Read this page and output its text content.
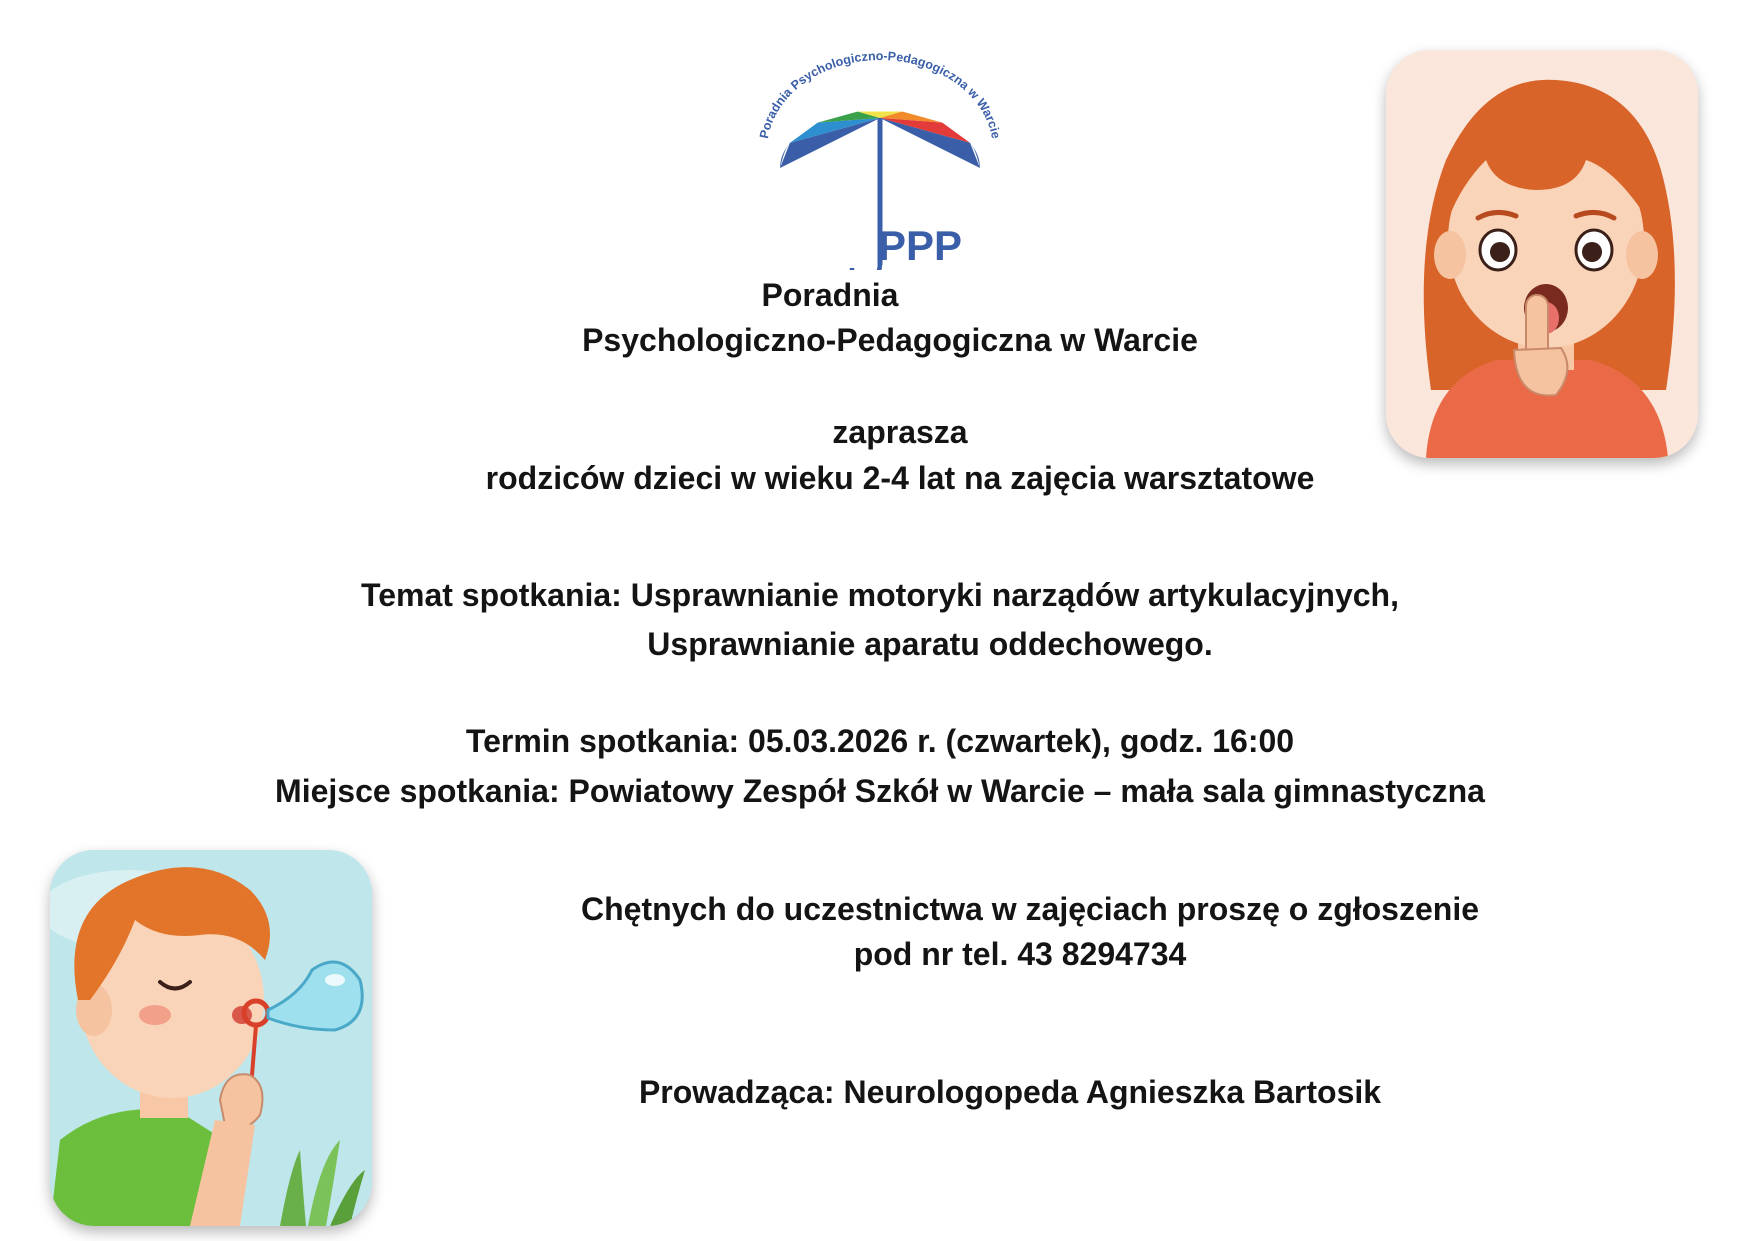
Poradnia Psychologiczno-Pedagogiczna w Warcie
PPP
Poradnia
Psychologiczno-Pedagogiczna w Warcie
zaprasza
rodziców dzieci w wieku 2-4 lat na zajęcia warsztatowe
Temat spotkania: Usprawnianie motoryki narządów artykulacyjnych,
Usprawnianie aparatu oddechowego.
Termin spotkania: 05.03.2026 r. (czwartek), godz. 16:00
Miejsce spotkania: Powiatowy Zespół Szkół w Warcie – mała sala gimnastyczna
Chętnych do uczestnictwa w zajęciach proszę o zgłoszenie
pod nr tel. 43 8294734
Prowadząca: Neurologopeda Agnieszka Bartosik
